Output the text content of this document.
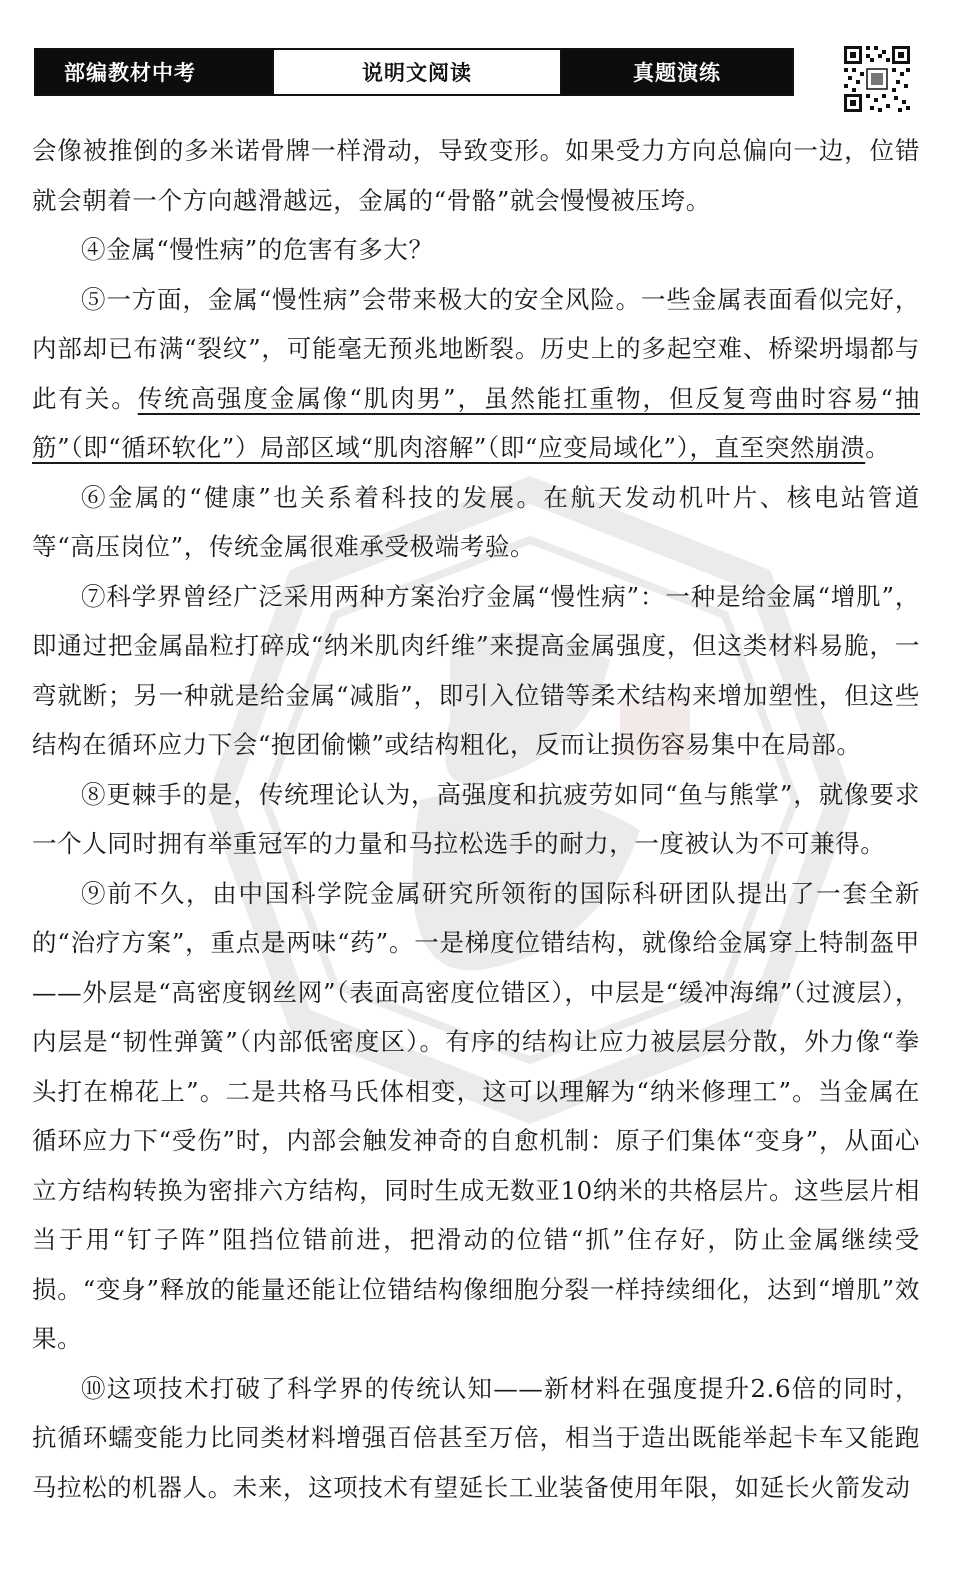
部编教材中考	说明文阅读	真题演练

会像被推倒的多米诺骨牌一样滑动，导致变形。如果受力方向总偏向一边，位错就会朝着一个方向越滑越远，金属的“骨骼”就会慢慢被压垮。

④金属“慢性病”的危害有多大？

⑤一方面，金属“慢性病”会带来极大的安全风险。一些金属表面看似完好，内部却已布满“裂纹”，可能毫无预兆地断裂。历史上的多起空难、桥梁坍塌都与此有关。传统高强度金属像“肌肉男”，虽然能扛重物，但反复弯曲时容易“抽筋”（即“循环软化”）局部区域“肌肉溶解”（即“应变局域化”），直至突然崩溃。

⑥金属的“健康”也关系着科技的发展。在航天发动机叶片、核电站管道等“高压岗位”，传统金属很难承受极端考验。

⑦科学界曾经广泛采用两种方案治疗金属“慢性病”：一种是给金属“增肌”，即通过把金属晶粒打碎成“纳米肌肉纤维”来提高金属强度，但这类材料易脆，一弯就断；另一种就是给金属“减脂”，即引入位错等柔术结构来增加塑性，但这些结构在循环应力下会“抱团偷懒”或结构粗化，反而让损伤容易集中在局部。

⑧更棘手的是，传统理论认为，高强度和抗疲劳如同“鱼与熊掌”，就像要求一个人同时拥有举重冠军的力量和马拉松选手的耐力，一度被认为不可兼得。

⑨前不久，由中国科学院金属研究所领衔的国际科研团队提出了一套全新的“治疗方案”，重点是两味“药”。一是梯度位错结构，就像给金属穿上特制盔甲——外层是“高密度钢丝网”（表面高密度位错区），中层是“缓冲海绵”（过渡层），内层是“韧性弹簧”（内部低密度区）。有序的结构让应力被层层分散，外力像“拳头打在棉花上”。二是共格马氏体相变，这可以理解为“纳米修理工”。当金属在循环应力下“受伤”时，内部会触发神奇的自愈机制：原子们集体“变身”，从面心立方结构转换为密排六方结构，同时生成无数亚10纳米的共格层片。这些层片相当于用“钉子阵”阻挡位错前进，把滑动的位错“抓”住存好，防止金属继续受损。“变身”释放的能量还能让位错结构像细胞分裂一样持续细化，达到“增肌”效果。

⑩这项技术打破了科学界的传统认知——新材料在强度提升2.6倍的同时，抗循环蠕变能力比同类材料增强百倍甚至万倍，相当于造出既能举起卡车又能跑马拉松的机器人。未来，这项技术有望延长工业装备使用年限，如延长火箭发动
